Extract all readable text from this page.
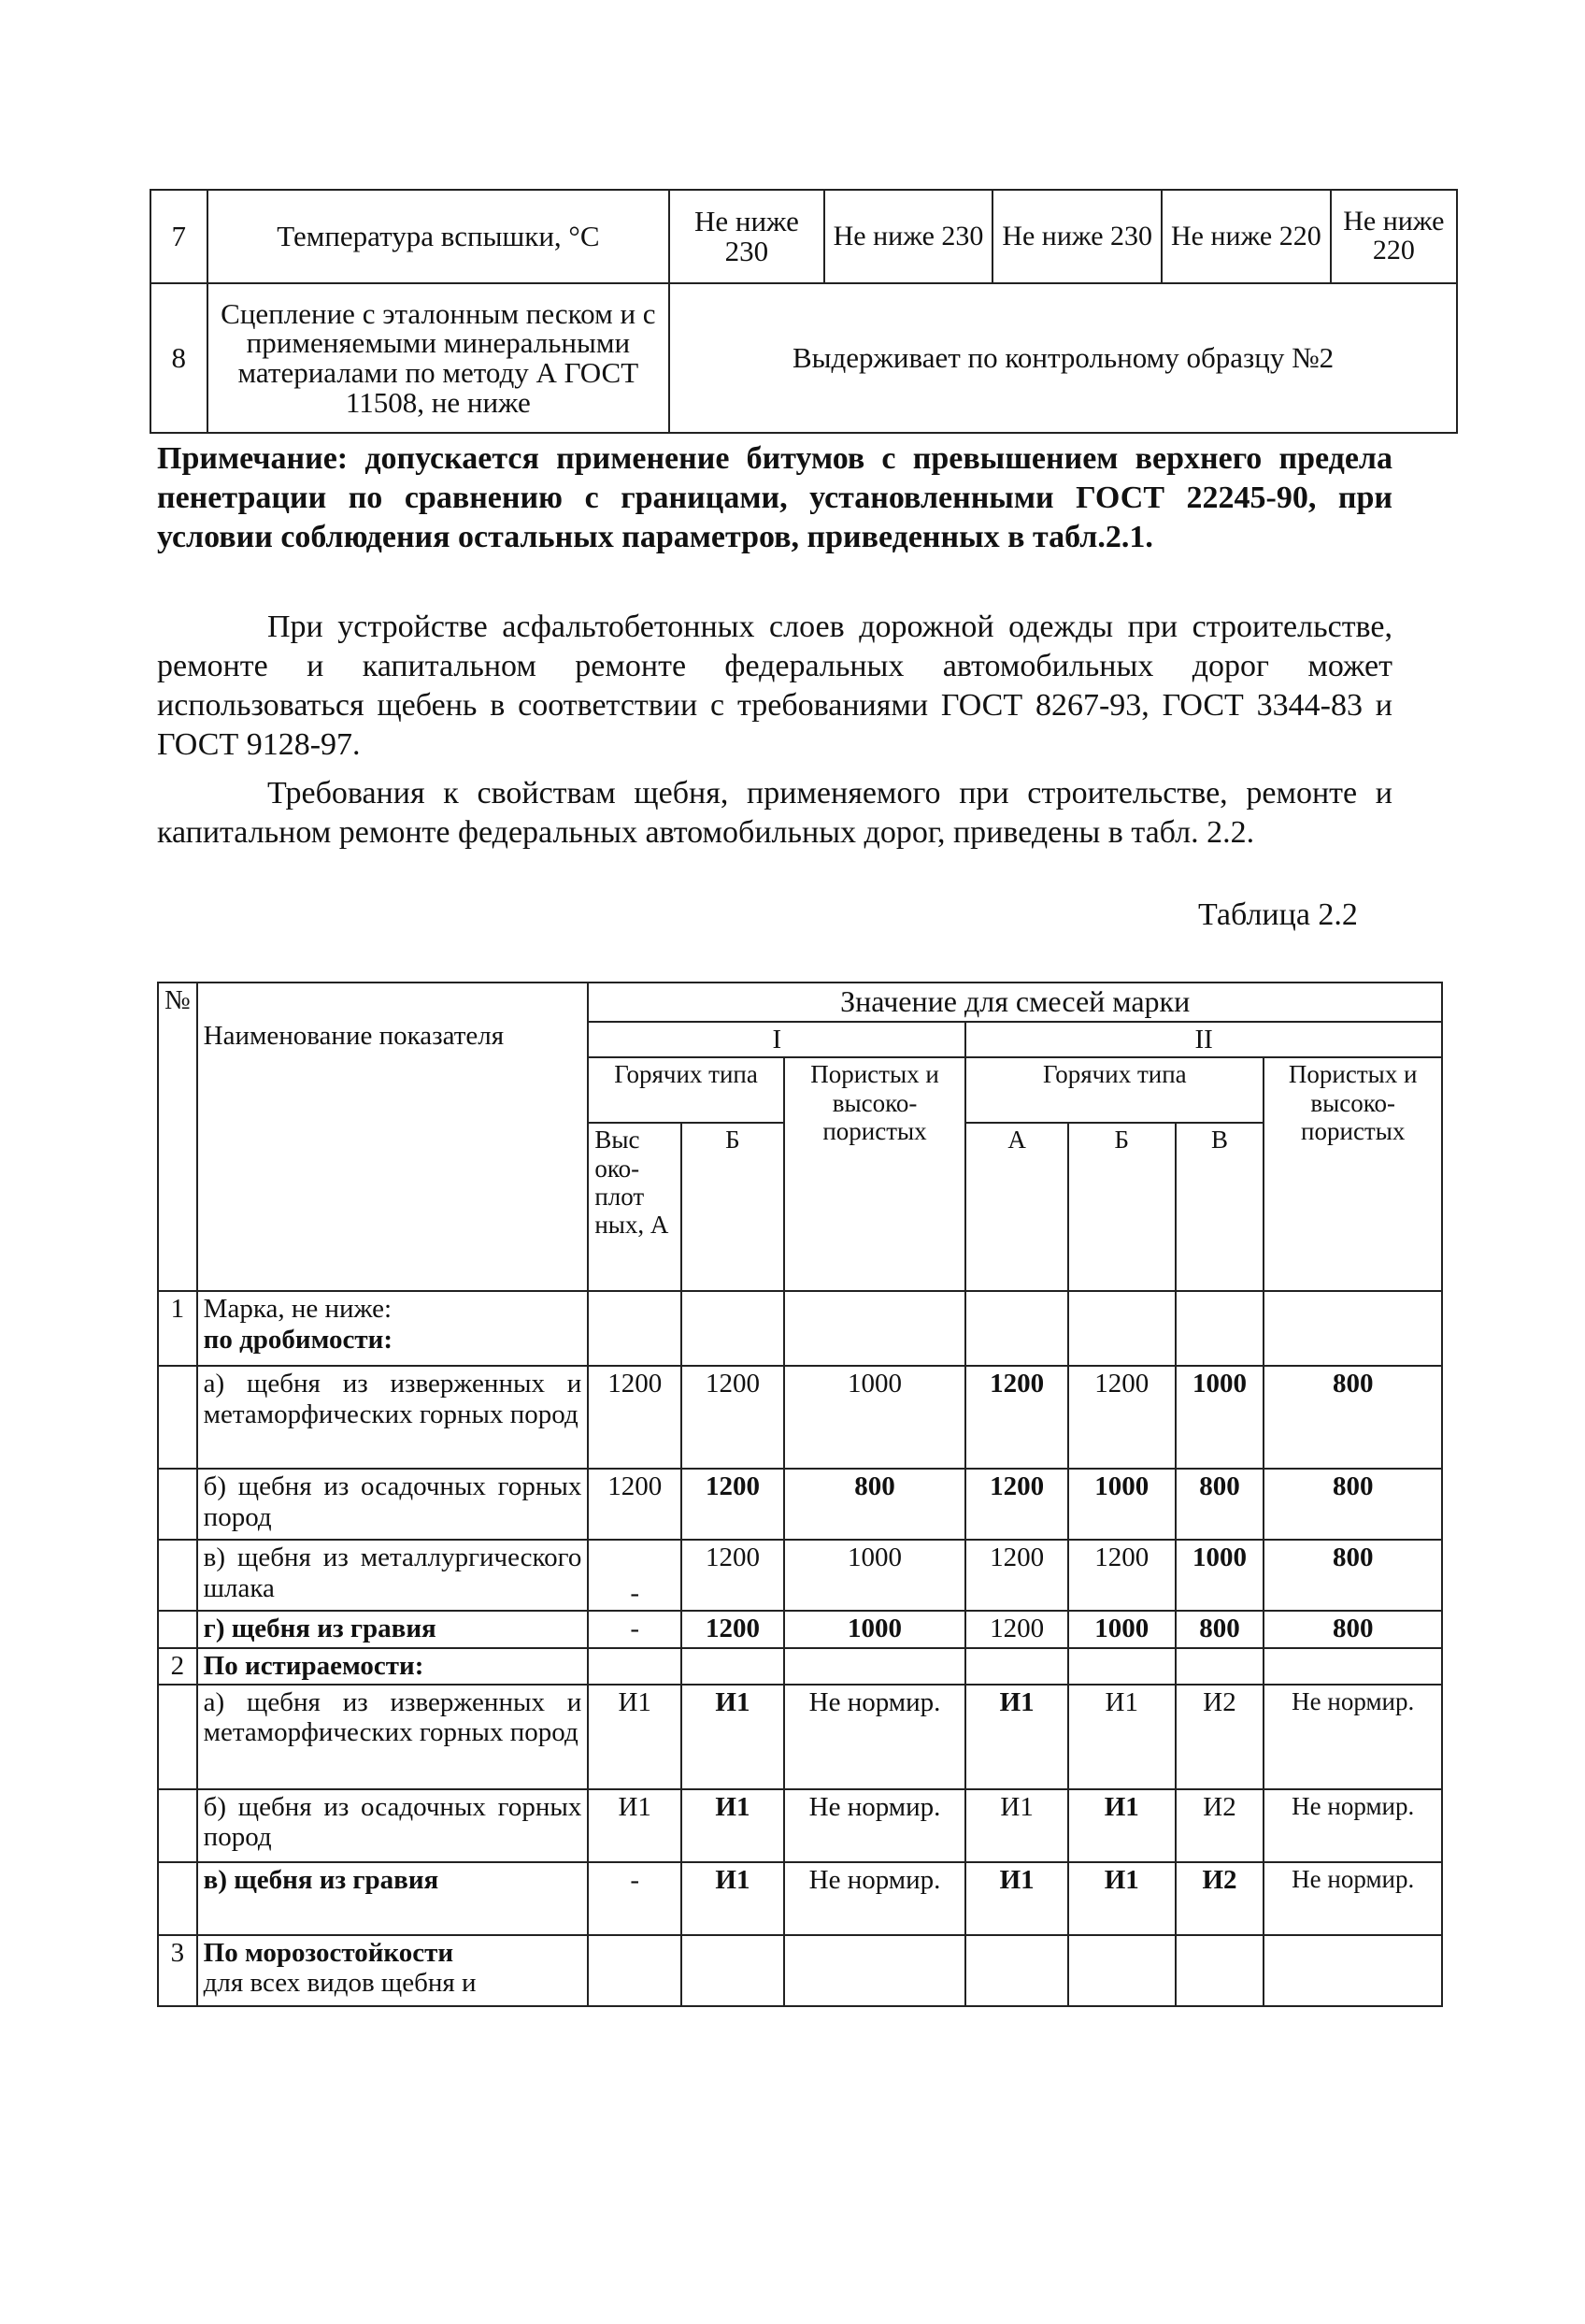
7	Температура вспышки, °С	Не ниже 230	Не ниже 230	Не ниже 230	Не ниже 220	Не ниже 220
8	Сцепление с эталонным песком и с применяемыми минеральными материалами по методу А ГОСТ 11508, не ниже	Выдерживает по контрольному образцу №2				

Примечание: допускается применение битумов с превышением верхнего предела пенетрации по сравнению с границами, установленными ГОСТ 22245-90, при условии соблюдения остальных параметров, приведенных в табл.2.1.

При устройстве асфальтобетонных слоев дорожной одежды при строительстве, ремонте и капитальном ремонте федеральных автомобильных дорог может использоваться щебень в соответствии с требованиями ГОСТ 8267-93, ГОСТ 3344-83 и ГОСТ 9128-97.

Требования к свойствам щебня, применяемого при строительстве, ремонте и капитальном ремонте федеральных автомобильных дорог, приведены в табл. 2.2.

Таблица 2.2
№	Наименование показателя	Значение для смесей марки						
		I			II			
		Горячих типа		Пористых и высоко-пористых	Горячих типа			Пористых и высоко-пористых
		Выс око-плот ных, А	Б		А	Б	В	
1	Марка, не ниже:
по дробимости:							

	а) щебня из изверженных и метаморфических горных пород	1200	1200	1000	1200	1200	1000	800
	б) щебня из осадочных горных пород	1200	1200	800	1200	1000	800	800
	в) щебня из металлургического шлака	-	1200	1000	1200	1200	1000	800
	г) щебня из гравия	-	1200	1000	1200	1000	800	800
2	По истираемости:							
	а) щебня из изверженных и метаморфических горных пород	И1	И1	Не нормир.	И1	И1	И2	Не нормир.
	б) щебня из осадочных горных пород	И1	И1	Не нормир.	И1	И1	И2	Не нормир.
	в) щебня из гравия	-	И1	Не нормир.	И1	И1	И2	Не нормир.
3	По морозостойкости
для всех видов щебня и							
